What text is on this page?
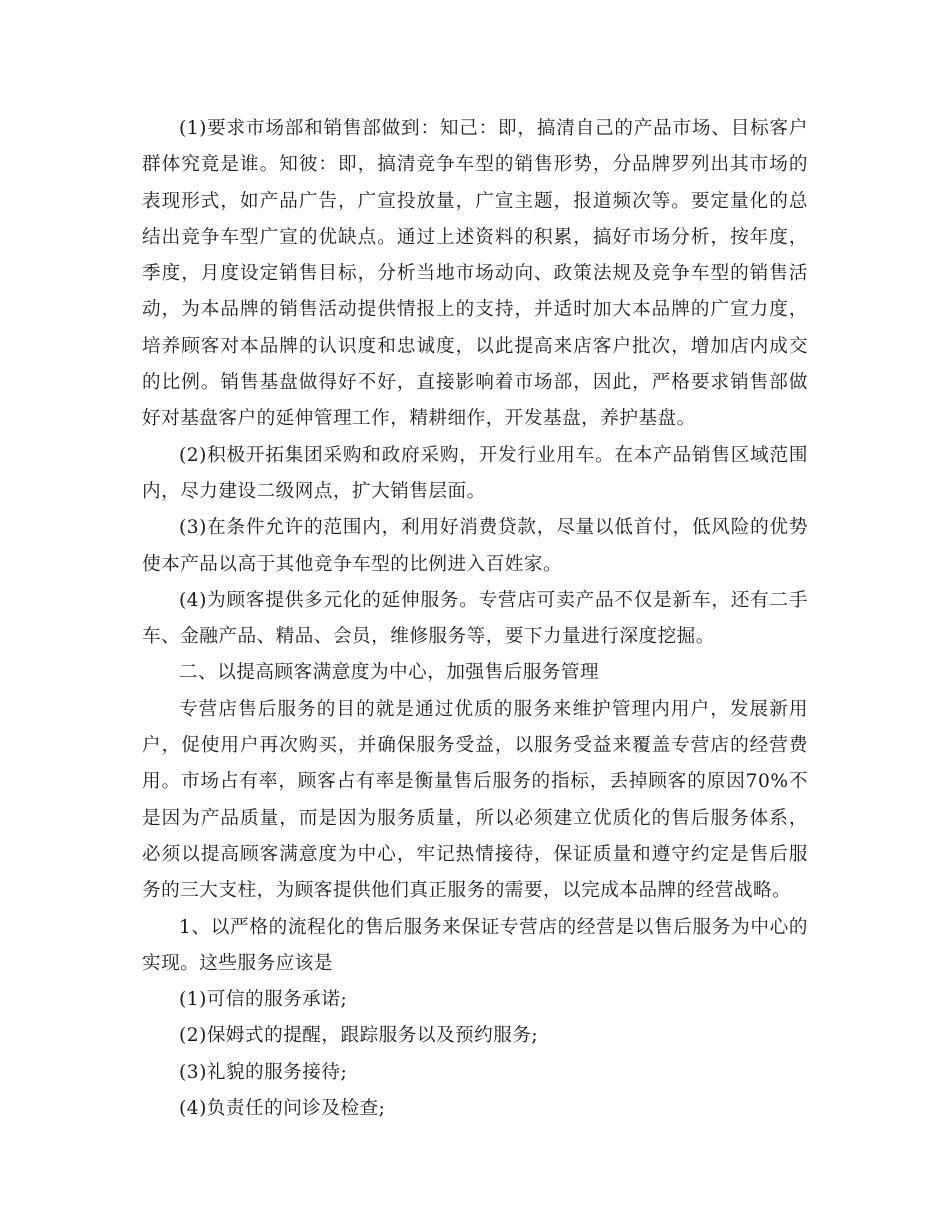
(1)要求市场部和销售部做到：知己：即，搞清自己的产品市场、目标客户群体究竟是谁。知彼：即，搞清竞争车型的销售形势，分品牌罗列出其市场的表现形式，如产品广告，广宣投放量，广宣主题，报道频次等。要定量化的总结出竞争车型广宣的优缺点。通过上述资料的积累，搞好市场分析，按年度，季度，月度设定销售目标，分析当地市场动向、政策法规及竞争车型的销售活动，为本品牌的销售活动提供情报上的支持，并适时加大本品牌的广宣力度，培养顾客对本品牌的认识度和忠诚度，以此提高来店客户批次，增加店内成交的比例。销售基盘做得好不好，直接影响着市场部，因此，严格要求销售部做好对基盘客户的延伸管理工作，精耕细作，开发基盘，养护基盘。

(2)积极开拓集团采购和政府采购，开发行业用车。在本产品销售区域范围内，尽力建设二级网点，扩大销售层面。

(3)在条件允许的范围内，利用好消费贷款，尽量以低首付，低风险的优势使本产品以高于其他竞争车型的比例进入百姓家。

(4)为顾客提供多元化的延伸服务。专营店可卖产品不仅是新车，还有二手车、金融产品、精品、会员，维修服务等，要下力量进行深度挖掘。

二、以提高顾客满意度为中心，加强售后服务管理

专营店售后服务的目的就是通过优质的服务来维护管理内用户，发展新用户，促使用户再次购买，并确保服务受益，以服务受益来覆盖专营店的经营费用。市场占有率，顾客占有率是衡量售后服务的指标，丢掉顾客的原因70%不是因为产品质量，而是因为服务质量，所以必须建立优质化的售后服务体系，必须以提高顾客满意度为中心，牢记热情接待，保证质量和遵守约定是售后服务的三大支柱，为顾客提供他们真正服务的需要，以完成本品牌的经营战略。

1、以严格的流程化的售后服务来保证专营店的经营是以售后服务为中心的实现。这些服务应该是

(1)可信的服务承诺;

(2)保姆式的提醒，跟踪服务以及预约服务;

(3)礼貌的服务接待;

(4)负责任的问诊及检查;
